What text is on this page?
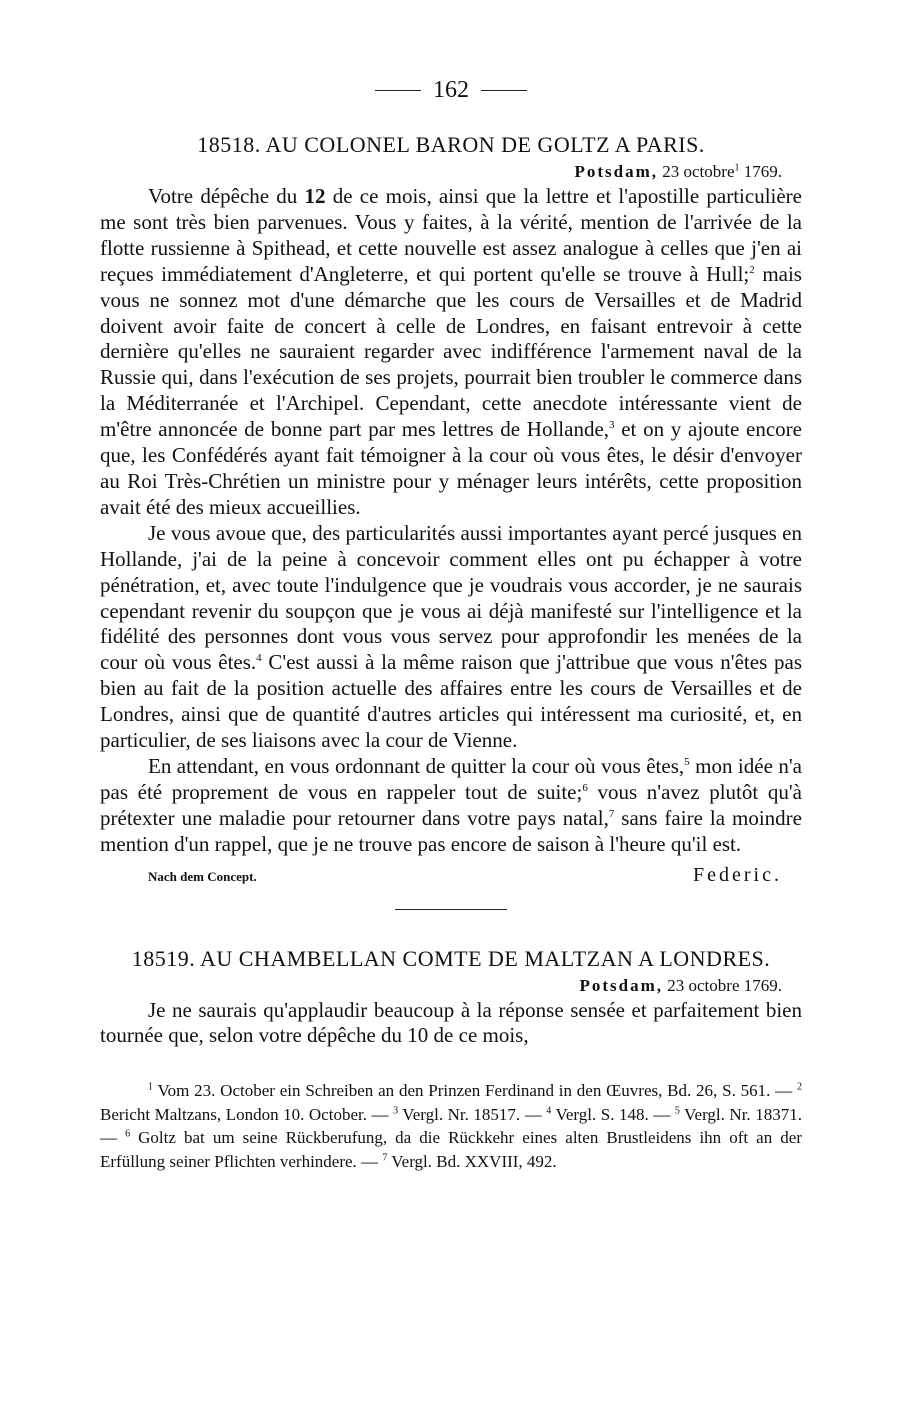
162
18518. AU COLONEL BARON DE GOLTZ A PARIS.
Potsdam, 23 octobre$^1$ 1769.

Votre dépêche du 12 de ce mois, ainsi que la lettre et l'apostille particulière me sont très bien parvenues. Vous y faites, à la vérité, mention de l'arrivée de la flotte russienne à Spithead, et cette nouvelle est assez analogue à celles que j'en ai reçues immédiatement d'Angleterre, et qui portent qu'elle se trouve à Hull;$^2$ mais vous ne sonnez mot d'une démarche que les cours de Versailles et de Madrid doivent avoir faite de concert à celle de Londres, en faisant entrevoir à cette dernière qu'elles ne sauraient regarder avec indifférence l'armement naval de la Russie qui, dans l'exécution de ses projets, pourrait bien troubler le commerce dans la Méditerranée et l'Archipel. Cependant, cette anecdote intéressante vient de m'être annoncée de bonne part par mes lettres de Hollande,$^3$ et on y ajoute encore que, les Confédérés ayant fait témoigner à la cour où vous êtes, le désir d'envoyer au Roi Très-Chrétien un ministre pour y ménager leurs intérêts, cette proposition avait été des mieux accueillies.

Je vous avoue que, des particularités aussi importantes ayant percé jusques en Hollande, j'ai de la peine à concevoir comment elles ont pu échapper à votre pénétration, et, avec toute l'indulgence que je voudrais vous accorder, je ne saurais cependant revenir du soupçon que je vous ai déjà manifesté sur l'intelligence et la fidélité des personnes dont vous vous servez pour approfondir les menées de la cour où vous êtes.$^4$ C'est aussi à la même raison que j'attribue que vous n'êtes pas bien au fait de la position actuelle des affaires entre les cours de Versailles et de Londres, ainsi que de quantité d'autres articles qui intéressent ma curiosité, et, en particulier, de ses liaisons avec la cour de Vienne.

En attendant, en vous ordonnant de quitter la cour où vous êtes,$^5$ mon idée n'a pas été proprement de vous en rappeler tout de suite;$^6$ vous n'avez plutôt qu'à prétexter une maladie pour retourner dans votre pays natal,$^7$ sans faire la moindre mention d'un rappel, que je ne trouve pas encore de saison à l'heure qu'il est.

Nach dem Concept.	Federic.
18519. AU CHAMBELLAN COMTE DE MALTZAN A LONDRES.
Potsdam, 23 octobre 1769.

Je ne saurais qu'applaudir beaucoup à la réponse sensée et parfaitement bien tournée que, selon votre dépêche du 10 de ce mois,

$^1$ Vom 23. October ein Schreiben an den Prinzen Ferdinand in den Œuvres, Bd. 26, S. 561. — $^2$ Bericht Maltzans, London 10. October. — $^3$ Vergl. Nr. 18517. — $^4$ Vergl. S. 148. — $^5$ Vergl. Nr. 18371. — $^6$ Goltz bat um seine Rückberufung, da die Rückkehr eines alten Brustleidens ihn oft an der Erfüllung seiner Pflichten verhindere. — $^7$ Vergl. Bd. XXVIII, 492.
